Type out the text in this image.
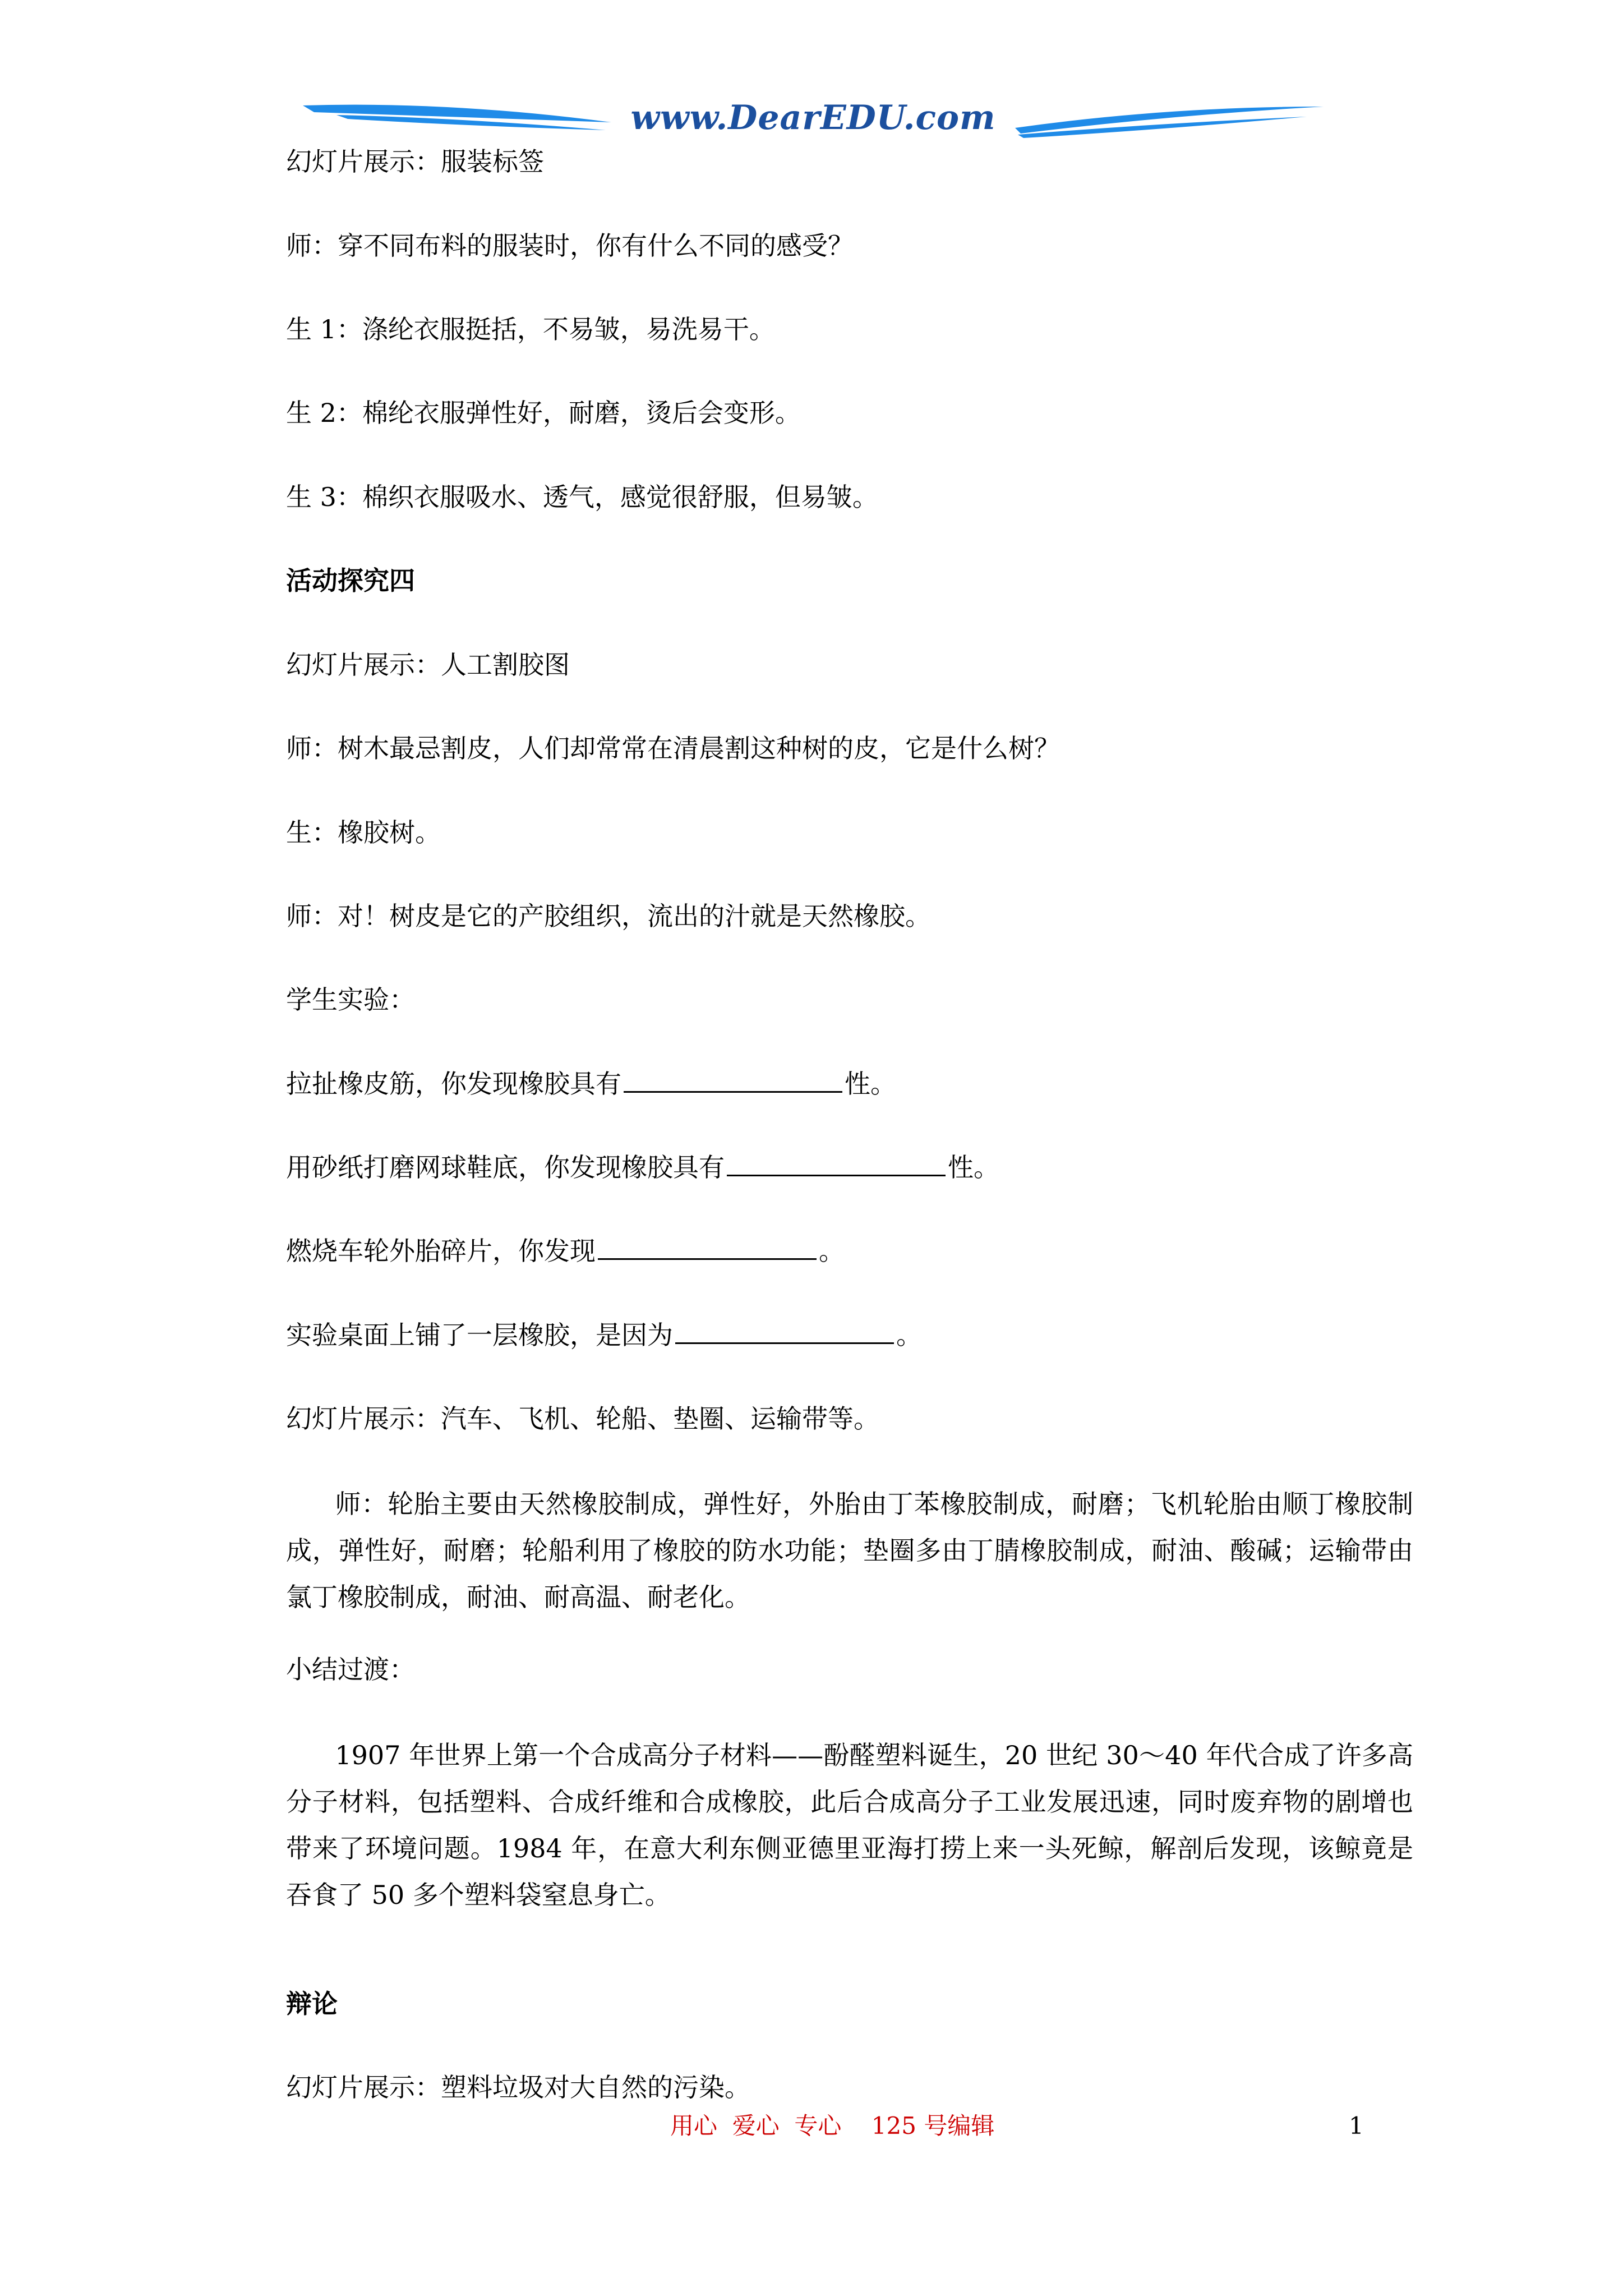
www.DearEDU.com
幻灯片展示：服装标签
师：穿不同布料的服装时，你有什么不同的感受？
生 1：涤纶衣服挺括，不易皱，易洗易干。
生 2：棉纶衣服弹性好，耐磨，烫后会变形。
生 3：棉织衣服吸水、透气，感觉很舒服，但易皱。
活动探究四
幻灯片展示：人工割胶图
师：树木最忌割皮，人们却常常在清晨割这种树的皮，它是什么树？
生：橡胶树。
师：对！树皮是它的产胶组织，流出的汁就是天然橡胶。
学生实验：
拉扯橡皮筋，你发现橡胶具有	性。
用砂纸打磨网球鞋底，你发现橡胶具有	性。
燃烧车轮外胎碎片，你发现	。
实验桌面上铺了一层橡胶，是因为	。
幻灯片展示：汽车、飞机、轮船、垫圈、运输带等。
师：轮胎主要由天然橡胶制成，弹性好，外胎由丁苯橡胶制成，耐磨；飞机轮胎由顺丁橡胶制成，弹性好，耐磨；轮船利用了橡胶的防水功能；垫圈多由丁腈橡胶制成，耐油、酸碱；运输带由氯丁橡胶制成，耐油、耐高温、耐老化。
小结过渡：
1907 年世界上第一个合成高分子材料——酚醛塑料诞生，20 世纪 30～40 年代合成了许多高分子材料，包括塑料、合成纤维和合成橡胶，此后合成高分子工业发展迅速，同时废弃物的剧增也带来了环境问题。1984 年，在意大利东侧亚德里亚海打捞上来一头死鲸，解剖后发现，该鲸竟是吞食了 50 多个塑料袋窒息身亡。
辩论
幻灯片展示：塑料垃圾对大自然的污染。
用心  爱心  专心    125 号编辑	1
